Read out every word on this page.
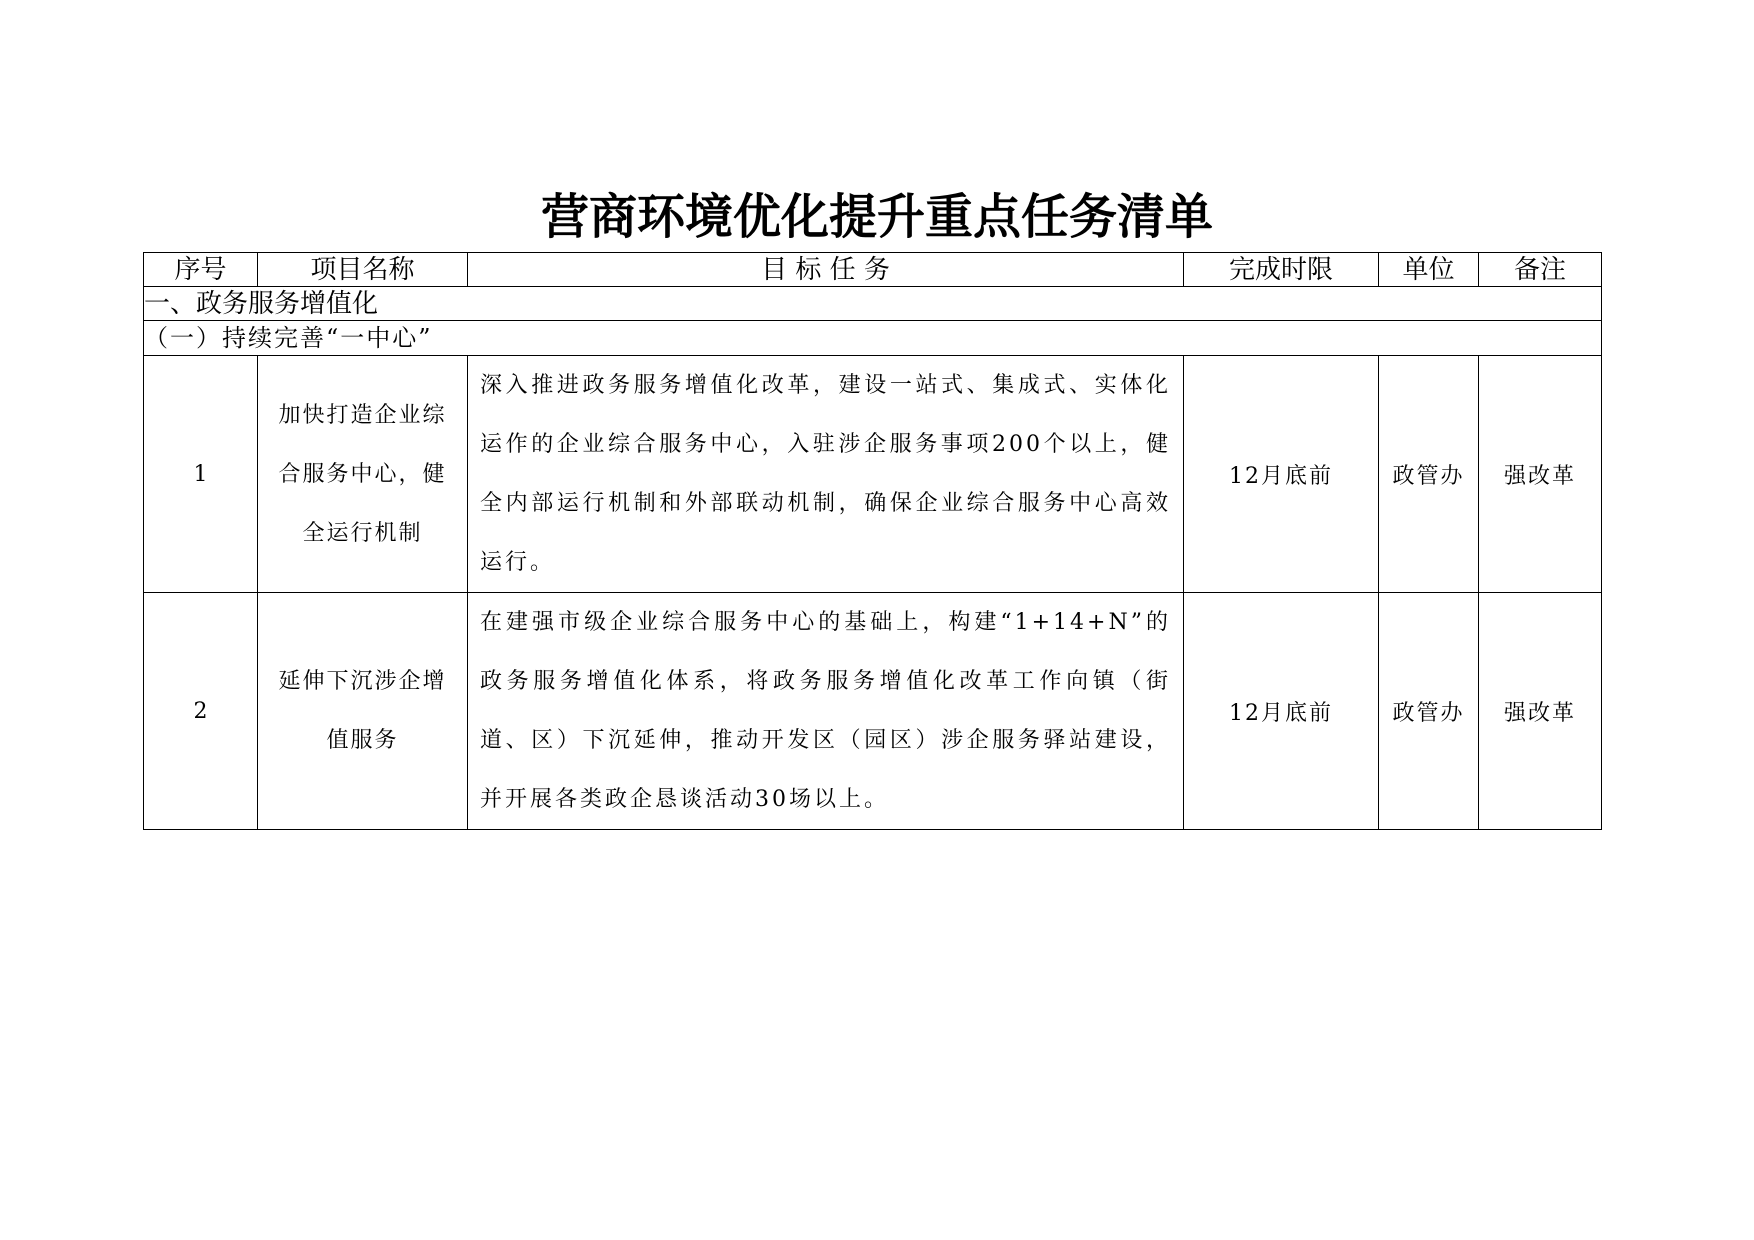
营商环境优化提升重点任务清单
序号	项目名称	目 标 任 务	完成时限	单位	备注
一、政务服务增值化					
（一）持续完善“一中心”					
1	加快打造企业综合服务中心，健全运行机制	深入推进政务服务增值化改革，建设一站式、集成式、实体化运作的企业综合服务中心，入驻涉企服务事项200个以上，健全内部运行机制和外部联动机制，确保企业综合服务中心高效运行。	12月底前	政管办	强改革
2	延伸下沉涉企增值服务	在建强市级企业综合服务中心的基础上，构建“1+14+N”的政务服务增值化体系，将政务服务增值化改革工作向镇（街道、区）下沉延伸，推动开发区（园区）涉企服务驿站建设，并开展各类政企恳谈活动30场以上。	12月底前	政管办	强改革
